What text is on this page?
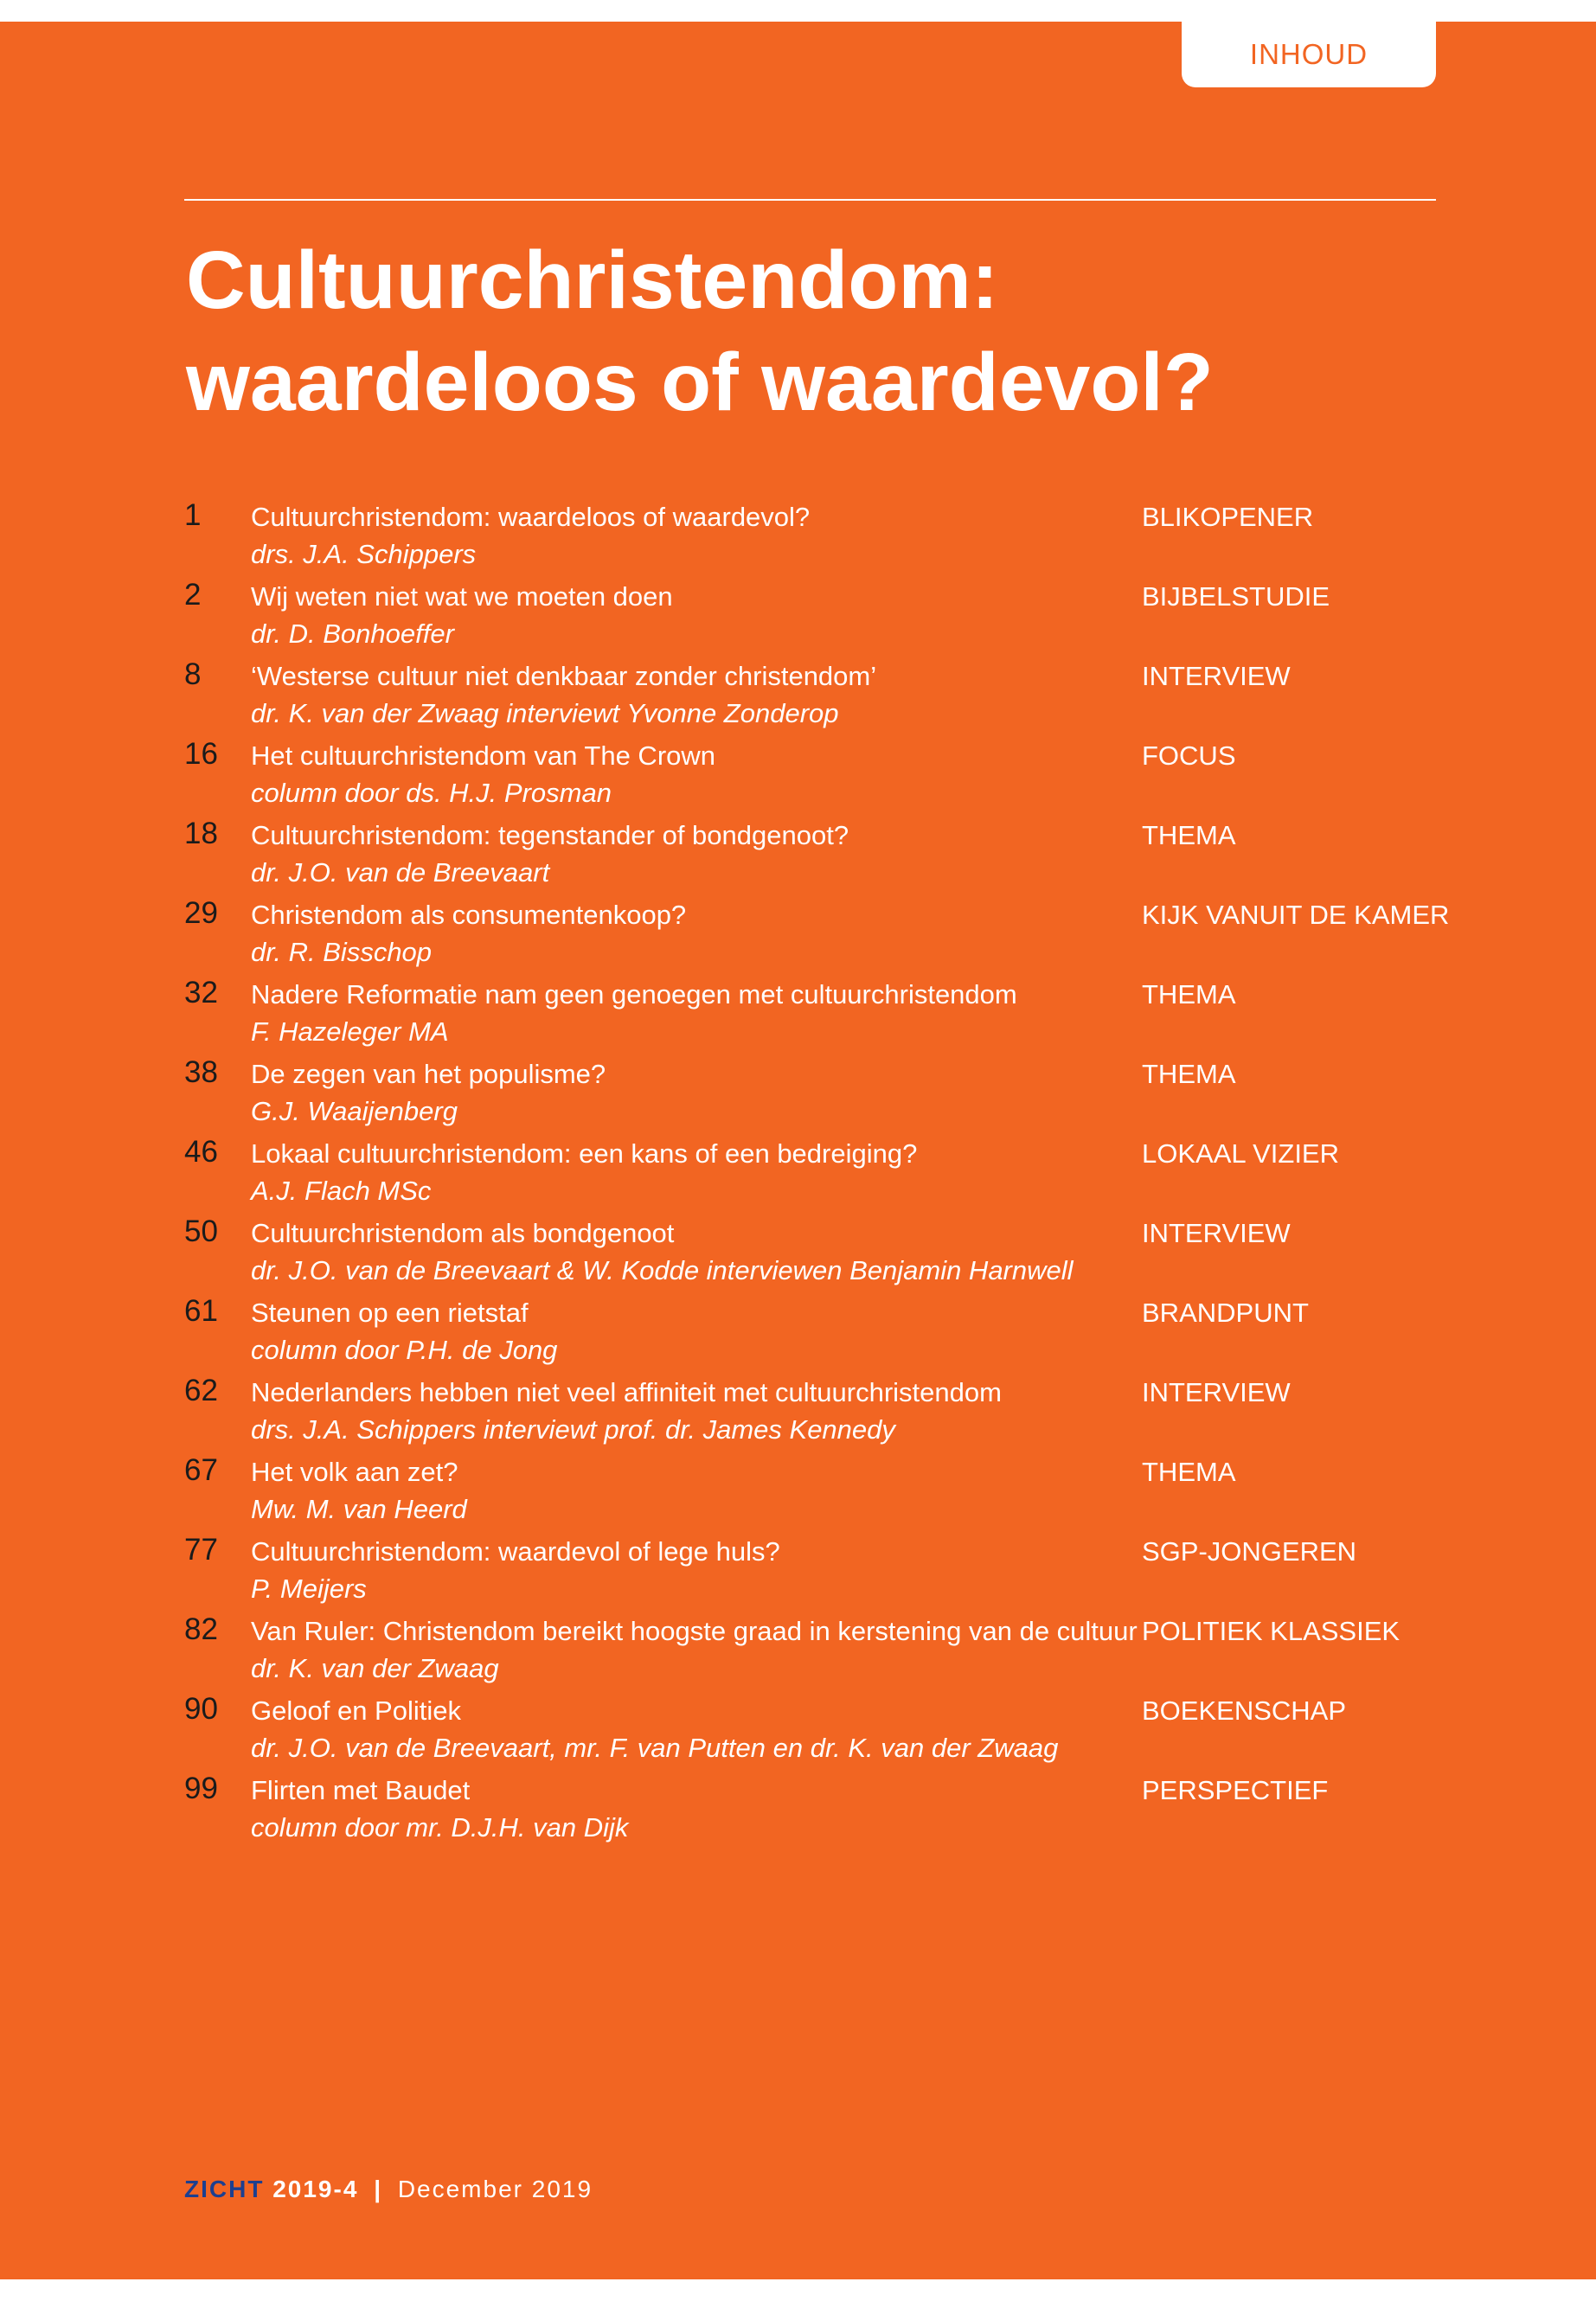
INHOUD
Cultuurchristendom:
waardeloos of waardevol?
1 Cultuurchristendom: waardeloos of waardevol?
drs. J.A. Schippers
BLIKOPENER
2 Wij weten niet wat we moeten doen
dr. D. Bonhoeffer
BIJBELSTUDIE
8 ‘Westerse cultuur niet denkbaar zonder christendom’
dr. K. van der Zwaag interviewt Yvonne Zonderop
INTERVIEW
16 Het cultuurchristendom van The Crown
column door ds. H.J. Prosman
FOCUS
18 Cultuurchristendom: tegenstander of bondgenoot?
dr. J.O. van de Breevaart
THEMA
29 Christendom als consumentenkoop?
dr. R. Bisschop
KIJK VANUIT DE KAMER
32 Nadere Reformatie nam geen genoegen met cultuurchristendom
F. Hazeleger MA
THEMA
38 De zegen van het populisme?
G.J. Waaijenberg
THEMA
46 Lokaal cultuurchristendom: een kans of een bedreiging?
A.J. Flach MSc
LOKAAL VIZIER
50 Cultuurchristendom als bondgenoot
dr. J.O. van de Breevaart & W. Kodde interviewen Benjamin Harnwell
INTERVIEW
61 Steunen op een rietstaf
column door P.H. de Jong
BRANDPUNT
62 Nederlanders hebben niet veel affiniteit met cultuurchristendom
drs. J.A. Schippers interviewt prof. dr. James Kennedy
INTERVIEW
67 Het volk aan zet?
Mw. M. van Heerd
THEMA
77 Cultuurchristendom: waardevol of lege huls?
P. Meijers
SGP-JONGEREN
82 Van Ruler: Christendom bereikt hoogste graad in kerstening van de cultuur
dr. K. van der Zwaag
POLITIEK KLASSIEK
90 Geloof en Politiek
dr. J.O. van de Breevaart, mr. F. van Putten en dr. K. van der Zwaag
BOEKENSCHAP
99 Flirten met Baudet
column door mr. D.J.H. van Dijk
PERSPECTIEF
ZICHT 2019-4 | December 2019
